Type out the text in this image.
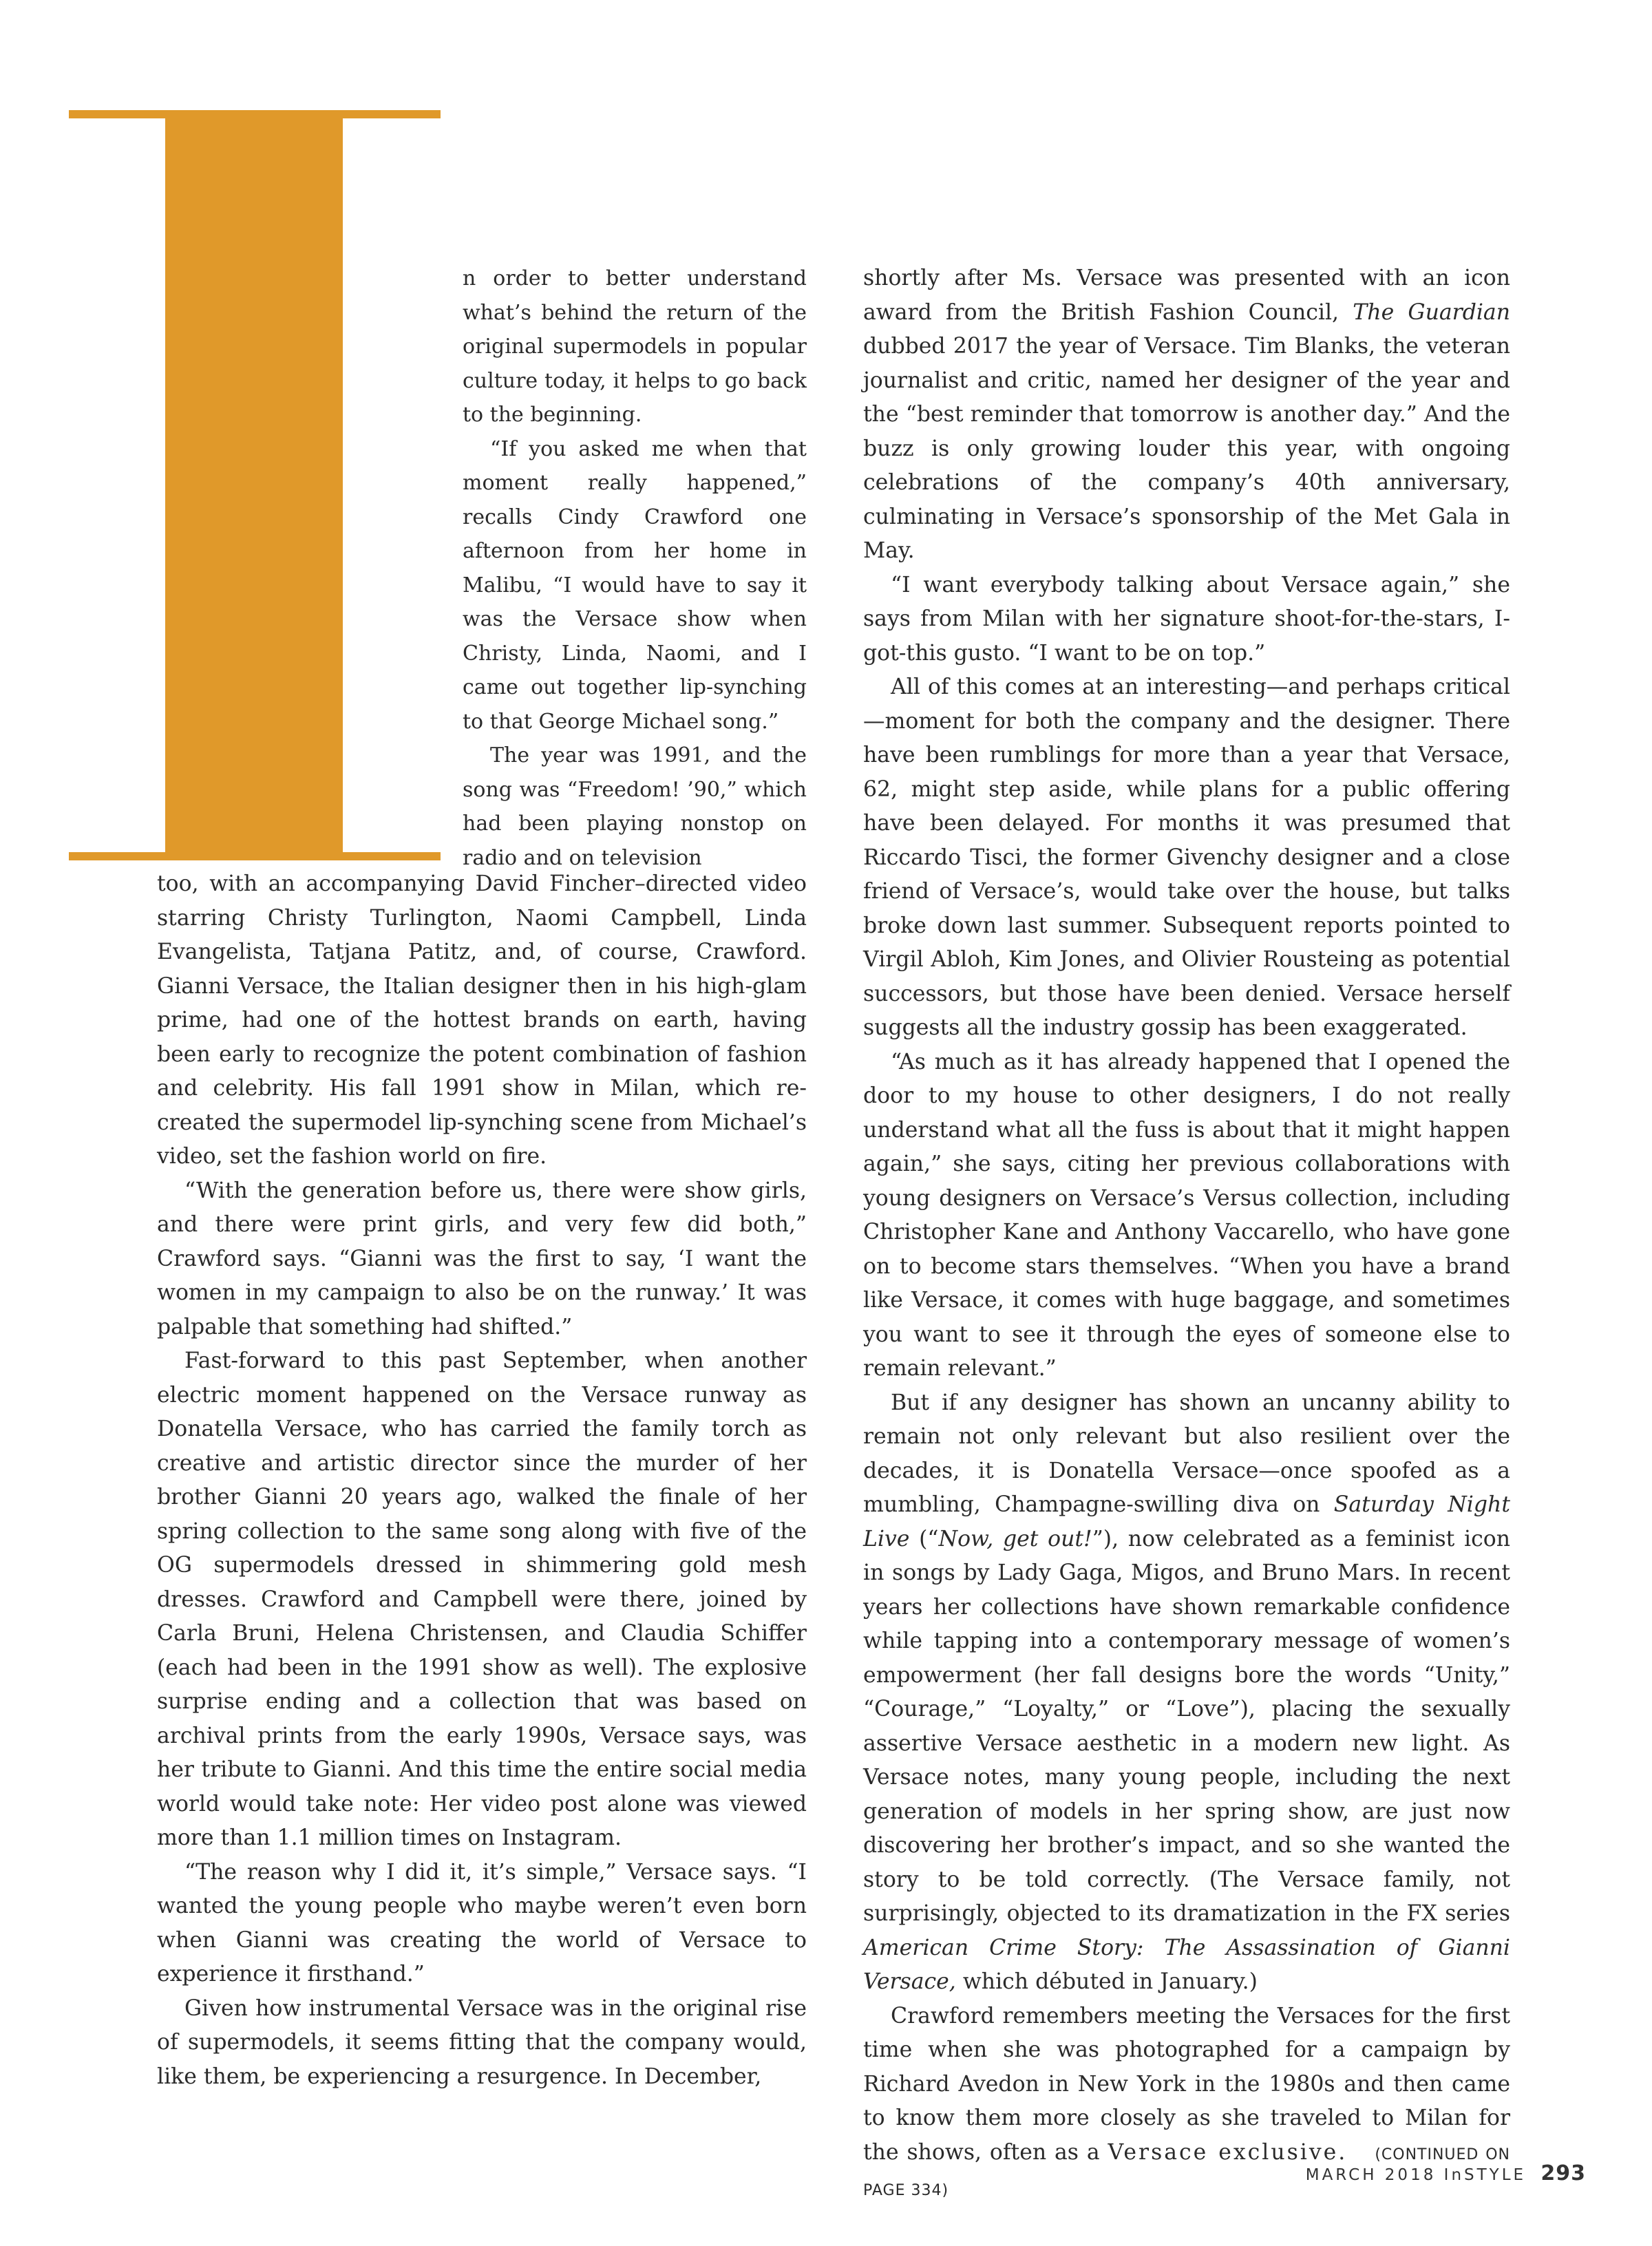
n order to better understand what’s behind the return of the original supermodels in popular culture today, it helps to go back to the beginning.

“If you asked me when that moment really happened,” recalls Cindy Crawford one afternoon from her home in Malibu, “I would have to say it was the Versace show when Christy, Linda, Naomi, and I came out together lip-synching to that George Michael song.”

The year was 1991, and the song was “Freedom! ’90,” which had been playing nonstop on radio and on television

too, with an accompanying David Fincher–directed video starring Christy Turlington, Naomi Campbell, Linda Evangelista, Tatjana Patitz, and, of course, Crawford. Gianni Versace, the Italian designer then in his high-glam prime, had one of the hottest brands on earth, having been early to recognize the potent combination of fashion and celebrity. His fall 1991 show in Milan, which re-created the supermodel lip-synching scene from Michael’s video, set the fashion world on fire.

“With the generation before us, there were show girls, and there were print girls, and very few did both,” Crawford says. “Gianni was the first to say, ‘I want the women in my campaign to also be on the runway.’ It was palpable that something had shifted.”

Fast-forward to this past September, when another electric moment happened on the Versace runway as Donatella Versace, who has carried the family torch as creative and artistic director since the murder of her brother Gianni 20 years ago, walked the finale of her spring collection to the same song along with five of the OG supermodels dressed in shimmering gold mesh dresses. Crawford and Campbell were there, joined by Carla Bruni, Helena Christensen, and Claudia Schiffer (each had been in the 1991 show as well). The explosive surprise ending and a collection that was based on archival prints from the early 1990s, Versace says, was her tribute to Gianni. And this time the entire social media world would take note: Her video post alone was viewed more than 1.1 million times on Instagram.

“The reason why I did it, it’s simple,” Versace says. “I wanted the young people who maybe weren’t even born when Gianni was creating the world of Versace to experience it firsthand.”

Given how instrumental Versace was in the original rise of supermodels, it seems fitting that the company would, like them, be experiencing a resurgence. In December,

shortly after Ms. Versace was presented with an icon award from the British Fashion Council, The Guardian dubbed 2017 the year of Versace. Tim Blanks, the veteran journalist and critic, named her designer of the year and the “best reminder that tomorrow is another day.” And the buzz is only growing louder this year, with ongoing celebrations of the company’s 40th anniversary, culminating in Versace’s sponsorship of the Met Gala in May.

“I want everybody talking about Versace again,” she says from Milan with her signature shoot-for-the-stars, I-got-this gusto. “I want to be on top.”

All of this comes at an interesting—and perhaps critical—moment for both the company and the designer. There have been rumblings for more than a year that Versace, 62, might step aside, while plans for a public offering have been delayed. For months it was presumed that Riccardo Tisci, the former Givenchy designer and a close friend of Versace’s, would take over the house, but talks broke down last summer. Subsequent reports pointed to Virgil Abloh, Kim Jones, and Olivier Rousteing as potential successors, but those have been denied. Versace herself suggests all the industry gossip has been exaggerated.

“As much as it has already happened that I opened the door to my house to other designers, I do not really understand what all the fuss is about that it might happen again,” she says, citing her previous collaborations with young designers on Versace’s Versus collection, including Christopher Kane and Anthony Vaccarello, who have gone on to become stars themselves. “When you have a brand like Versace, it comes with huge baggage, and sometimes you want to see it through the eyes of someone else to remain relevant.”

But if any designer has shown an uncanny ability to remain not only relevant but also resilient over the decades, it is Donatella Versace—once spoofed as a mumbling, Champagne-swilling diva on Saturday Night Live (“Now, get out!”), now celebrated as a feminist icon in songs by Lady Gaga, Migos, and Bruno Mars. In recent years her collections have shown remarkable confidence while tapping into a contemporary message of women’s empowerment (her fall designs bore the words “Unity,” “Courage,” “Loyalty,” or “Love”), placing the sexually assertive Versace aesthetic in a modern new light. As Versace notes, many young people, including the next generation of models in her spring show, are just now discovering her brother’s impact, and so she wanted the story to be told correctly. (The Versace family, not surprisingly, objected to its dramatization in the FX series American Crime Story: The Assassination of Gianni Versace, which débuted in January.)

Crawford remembers meeting the Versaces for the first time when she was photographed for a campaign by Richard Avedon in New York in the 1980s and then came to know them more closely as she traveled to Milan for the shows, often as a Versace exclusive. (CONTINUED ON PAGE 334)

MARCH 2018 InSTYLE 293
